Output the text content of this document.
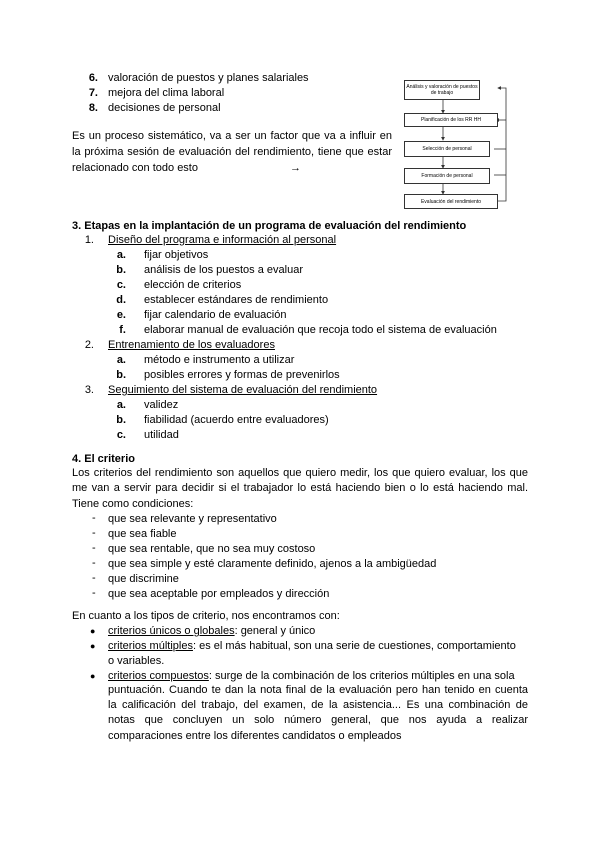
6. valoración de puestos y planes salariales
7. mejora del clima laboral
8. decisiones de personal
Es un proceso sistemático, va a ser un factor que va a influir en
la próxima sesión de evaluación del rendimiento, tiene que estar
relacionado con todo esto	→
Análisis y valoración de puestos de trabajo
Planificación de los RR HH
Selección de personal
Formación de personal
Evaluación del rendimiento
3. Etapas en la implantación de un programa de evaluación del rendimiento
1. Diseño del programa e información al personal
a. fijar objetivos
b. análisis de los puestos a evaluar
c. elección de criterios
d. establecer estándares de rendimiento
e. fijar calendario de evaluación
f. elaborar manual de evaluación que recoja todo el sistema de evaluación
2. Entrenamiento de los evaluadores
a. método e instrumento a utilizar
b. posibles errores y formas de prevenirlos
3. Seguimiento del sistema de evaluación del rendimiento
a. validez
b. fiabilidad (acuerdo entre evaluadores)
c. utilidad
4. El criterio
Los criterios del rendimiento son aquellos que quiero medir, los que quiero evaluar, los que
me van a servir para decidir si el trabajador lo está haciendo bien o lo está haciendo mal.
Tiene como condiciones:
- que sea relevante y representativo
- que sea fiable
- que sea rentable, que no sea muy costoso
- que sea simple y esté claramente definido, ajenos a la ambigüedad
- que discrimine
- que sea aceptable por empleados y dirección
En cuanto a los tipos de criterio, nos encontramos con:
● criterios únicos o globales: general y único
● criterios múltiples: es el más habitual, son una serie de cuestiones, comportamiento
o variables.
● criterios compuestos: surge de la combinación de los criterios múltiples en una sola
puntuación. Cuando te dan la nota final de la evaluación pero han tenido en cuenta
la calificación del trabajo, del examen, de la asistencia... Es una combinación de
notas que concluyen un solo número general, que nos ayuda a realizar
comparaciones entre los diferentes candidatos o empleados
